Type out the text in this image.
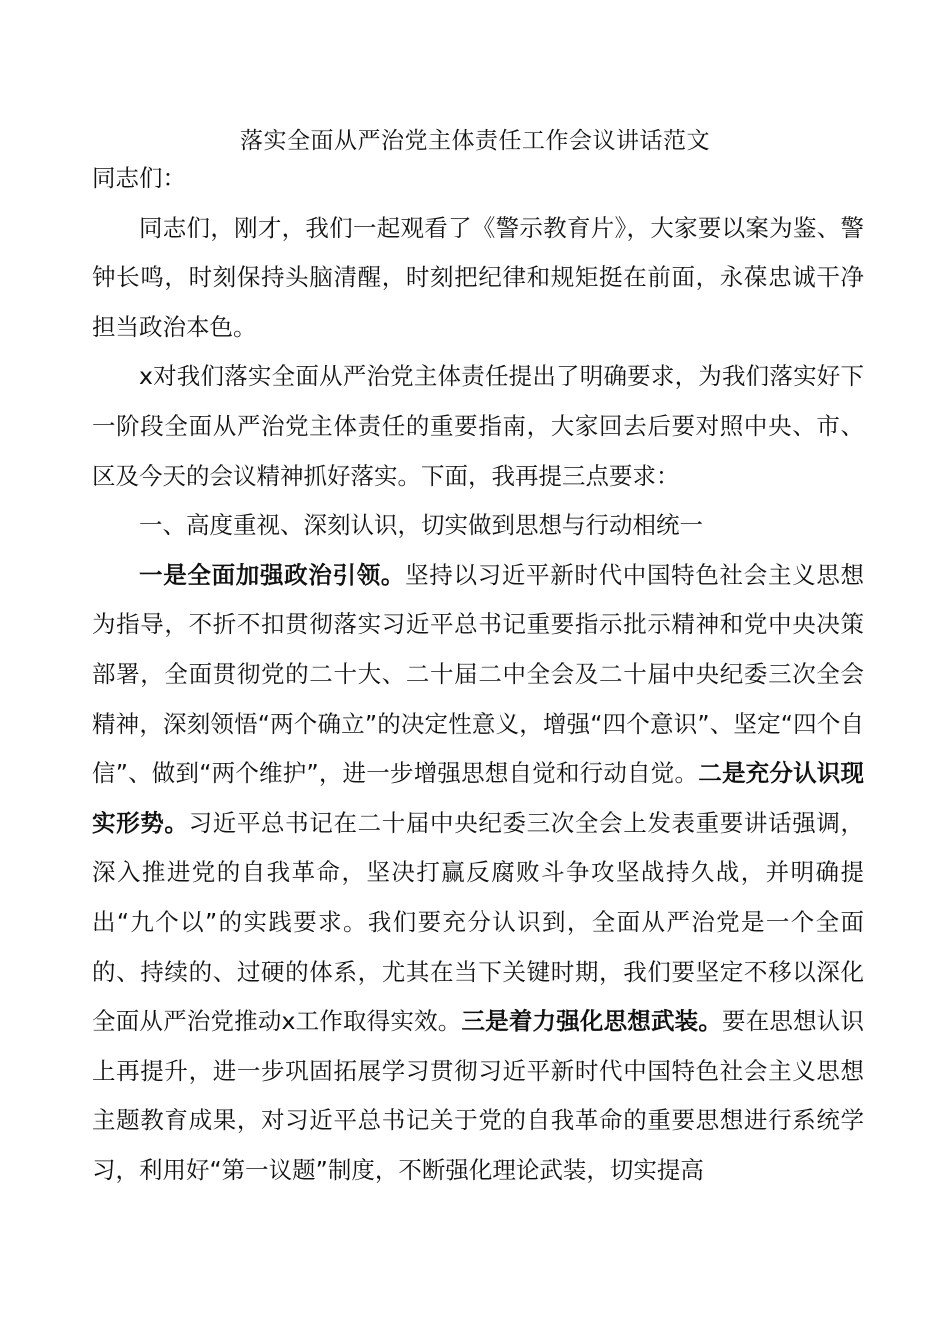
落实全面从严治党主体责任工作会议讲话范文

同志们：

同志们，刚才，我们一起观看了《警示教育片》，大家要以案为鉴、警钟长鸣，时刻保持头脑清醒，时刻把纪律和规矩挺在前面，永葆忠诚干净担当政治本色。

x对我们落实全面从严治党主体责任提出了明确要求，为我们落实好下一阶段全面从严治党主体责任的重要指南，大家回去后要对照中央、市、区及今天的会议精神抓好落实。下面，我再提三点要求：

一、高度重视、深刻认识，切实做到思想与行动相统一

一是全面加强政治引领。坚持以习近平新时代中国特色社会主义思想为指导，不折不扣贯彻落实习近平总书记重要指示批示精神和党中央决策部署，全面贯彻党的二十大、二十届二中全会及二十届中央纪委三次全会精神，深刻领悟“两个确立”的决定性意义，增强“四个意识”、坚定“四个自信”、做到“两个维护”，进一步增强思想自觉和行动自觉。二是充分认识现实形势。习近平总书记在二十届中央纪委三次全会上发表重要讲话强调，深入推进党的自我革命，坚决打赢反腐败斗争攻坚战持久战，并明确提出“九个以”的实践要求。我们要充分认识到，全面从严治党是一个全面的、持续的、过硬的体系，尤其在当下关键时期，我们要坚定不移以深化全面从严治党推动x工作取得实效。三是着力强化思想武装。要在思想认识上再提升，进一步巩固拓展学习贯彻习近平新时代中国特色社会主义思想主题教育成果，对习近平总书记关于党的自我革命的重要思想进行系统学习，利用好“第一议题”制度，不断强化理论武装，切实提高
